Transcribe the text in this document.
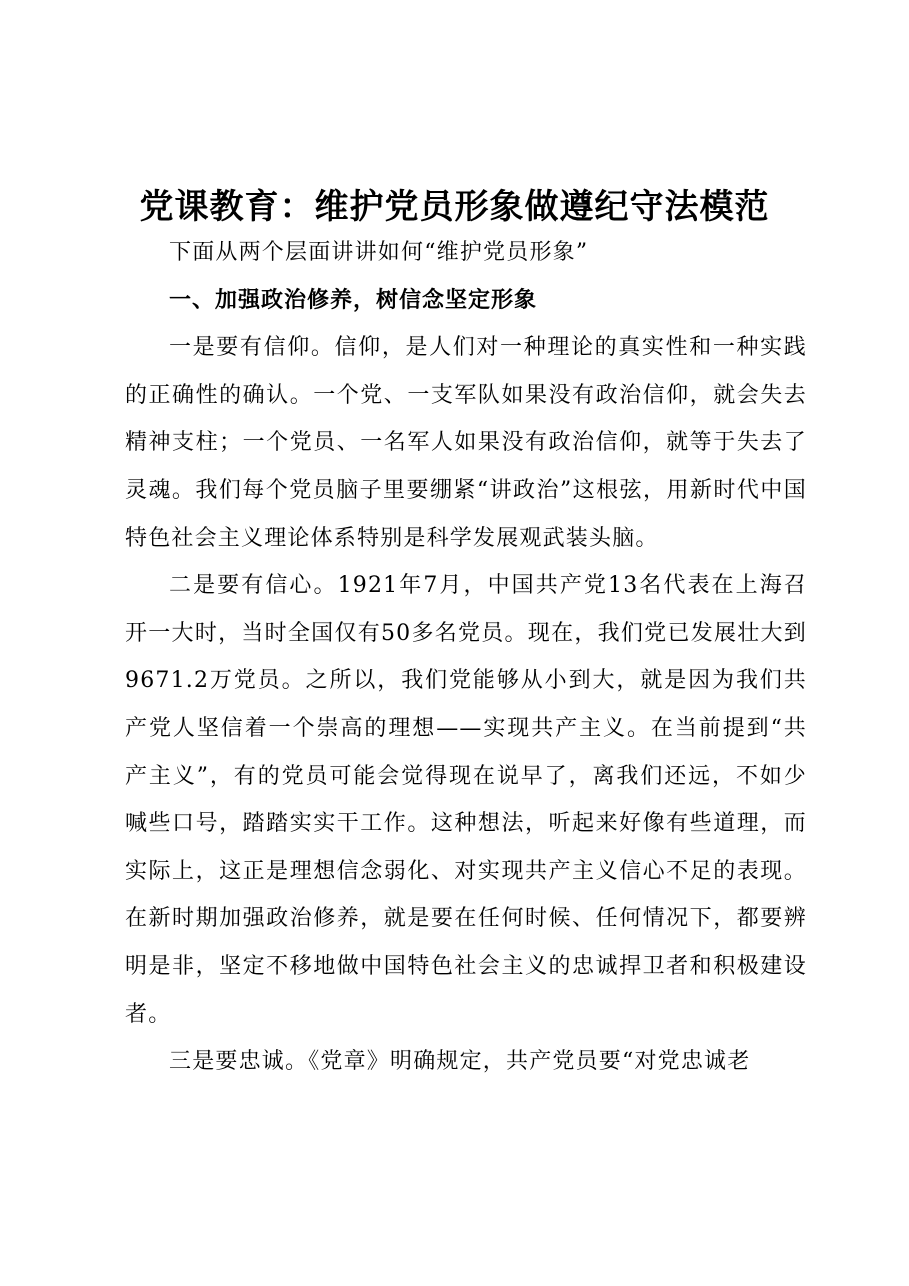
党课教育：维护党员形象做遵纪守法模范

下面从两个层面讲讲如何“维护党员形象”

一、加强政治修养，树信念坚定形象

一是要有信仰。信仰，是人们对一种理论的真实性和一种实践的正确性的确认。一个党、一支军队如果没有政治信仰，就会失去精神支柱；一个党员、一名军人如果没有政治信仰，就等于失去了灵魂。我们每个党员脑子里要绷紧“讲政治”这根弦，用新时代中国特色社会主义理论体系特别是科学发展观武装头脑。

二是要有信心。1921年7月，中国共产党13名代表在上海召开一大时，当时全国仅有50多名党员。现在，我们党已发展壮大到9671.2万党员。之所以，我们党能够从小到大，就是因为我们共产党人坚信着一个崇高的理想——实现共产主义。在当前提到“共产主义”，有的党员可能会觉得现在说早了，离我们还远，不如少喊些口号，踏踏实实干工作。这种想法，听起来好像有些道理，而实际上，这正是理想信念弱化、对实现共产主义信心不足的表现。在新时期加强政治修养，就是要在任何时候、任何情况下，都要辨明是非，坚定不移地做中国特色社会主义的忠诚捍卫者和积极建设者。

三是要忠诚。《党章》明确规定，共产党员要“对党忠诚老
